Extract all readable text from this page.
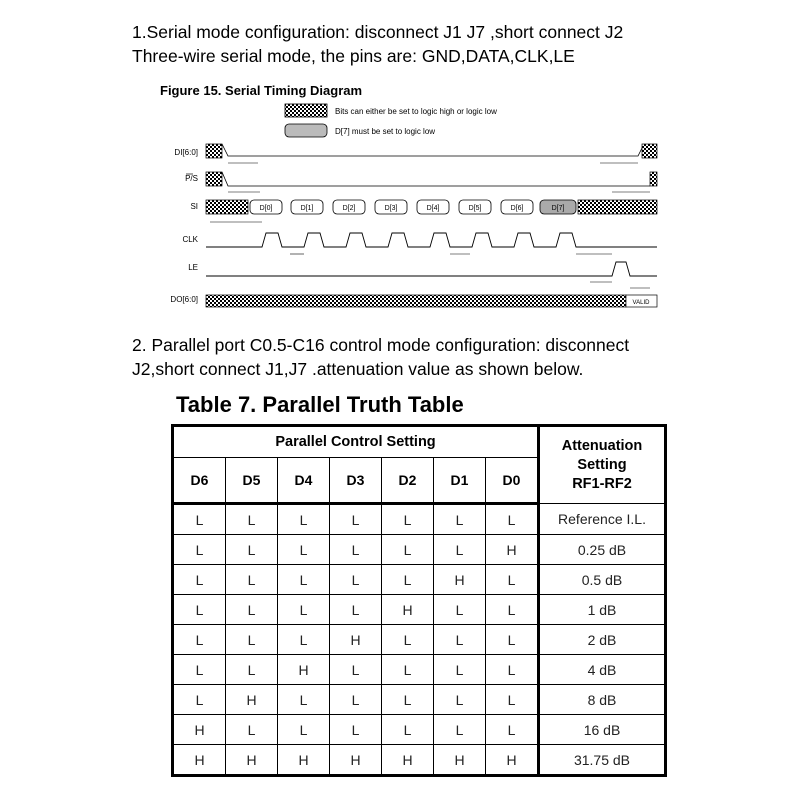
1.Serial mode configuration: disconnect J1 J7 ,short connect J2
Three-wire serial mode, the pins are: GND,DATA,CLK,LE
Figure 15. Serial Timing Diagram
Bits can either be set to logic high or logic low
D[7] must be set to logic low
DI[6:0]
P/S
SI
CLK
LE
DO[6:0]
D[0]	D[1]	D[2]	D[3]	D[4]	D[5]	D[6]	D[7]
VALID
2. Parallel port C0.5-C16 control mode configuration: disconnect
J2,short connect J1,J7 .attenuation value as shown below.
Table 7. Parallel Truth Table
Parallel Control Setting							Attenuation
Setting
RF1-RF2
D6	D5	D4	D3	D2	D1	D0	
L	L	L	L	L	L	L	Reference I.L.
L	L	L	L	L	L	H	0.25 dB
L	L	L	L	L	H	L	0.5 dB
L	L	L	L	H	L	L	1 dB
L	L	L	H	L	L	L	2 dB
L	L	H	L	L	L	L	4 dB
L	H	L	L	L	L	L	8 dB
H	L	L	L	L	L	L	16 dB
H	H	H	H	H	H	H	31.75 dB
